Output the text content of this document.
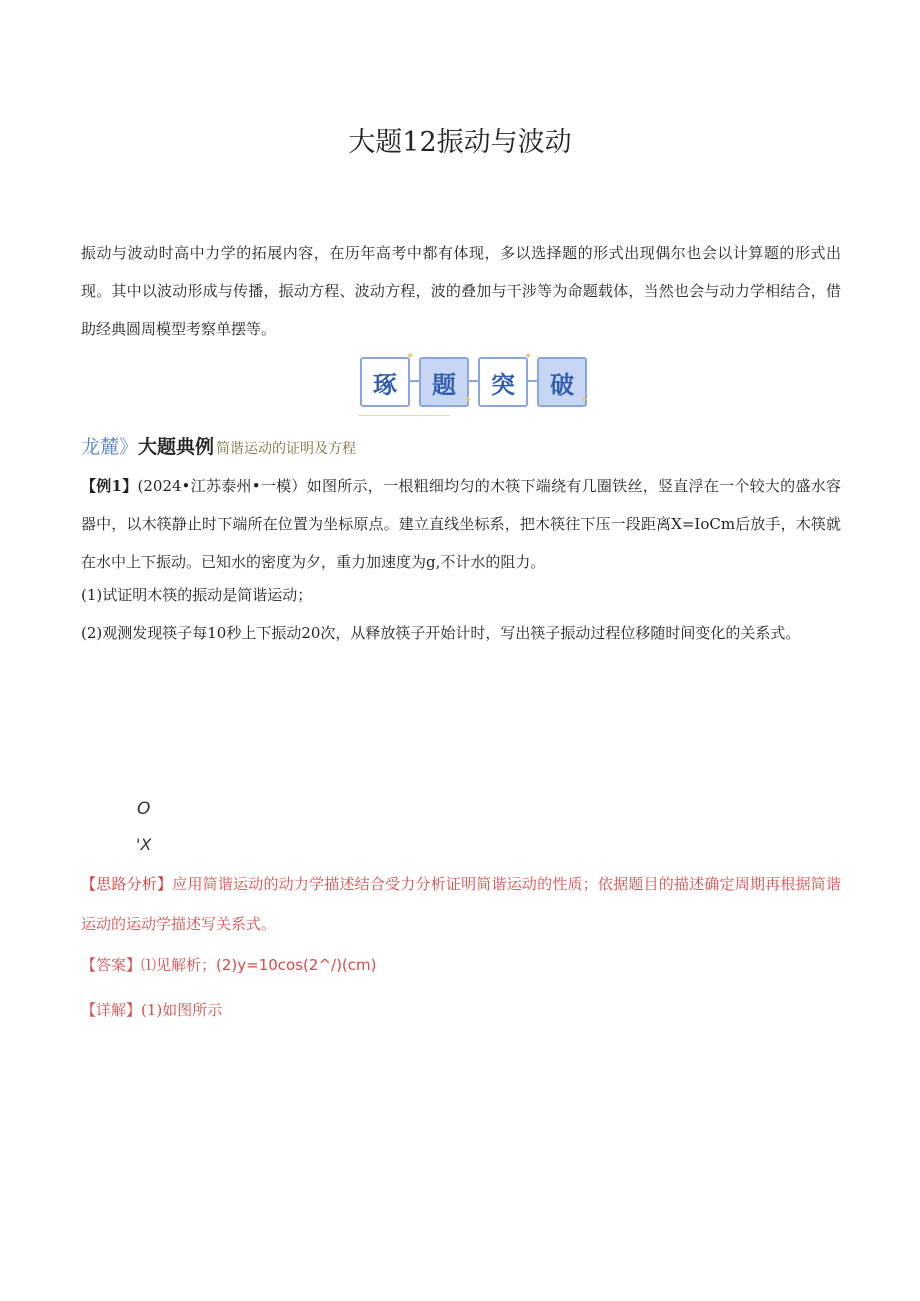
大题12振动与波动
振动与波动时高中力学的拓展内容，在历年高考中都有体现，多以选择题的形式出现偶尔也会以计算题的形式出现。其中以波动形成与传播，振动方程、波动方程，波的叠加与干涉等为命题载体，当然也会与动力学相结合，借助经典圆周模型考察单摆等。
琢	题	突	破
✦
✦
✦
✦
龙麓》 大题典例 简谐运动的证明及方程
【例1】(2024•江苏泰州•一模）如图所示，一根粗细均匀的木筷下端绕有几圈铁丝，竖直浮在一个较大的盛水容器中，以木筷静止时下端所在位置为坐标原点。建立直线坐标系，把木筷往下压一段距离X=IoCm后放手，木筷就在水中上下振动。已知水的密度为夕，重力加速度为g,不计水的阻力。
(1)试证明木筷的振动是简谐运动；
(2)观测发现筷子每10秒上下振动20次，从释放筷子开始计时，写出筷子振动过程位移随时间变化的关系式。
O
'X
【思路分析】应用简谐运动的动力学描述结合受力分析证明简谐运动的性质；依据题目的描述确定周期再根据简谐运动的运动学描述写关系式。
【答案】⑴见解析；(2)y=10cos(2^/)(cm)
【详解】(1)如图所示
